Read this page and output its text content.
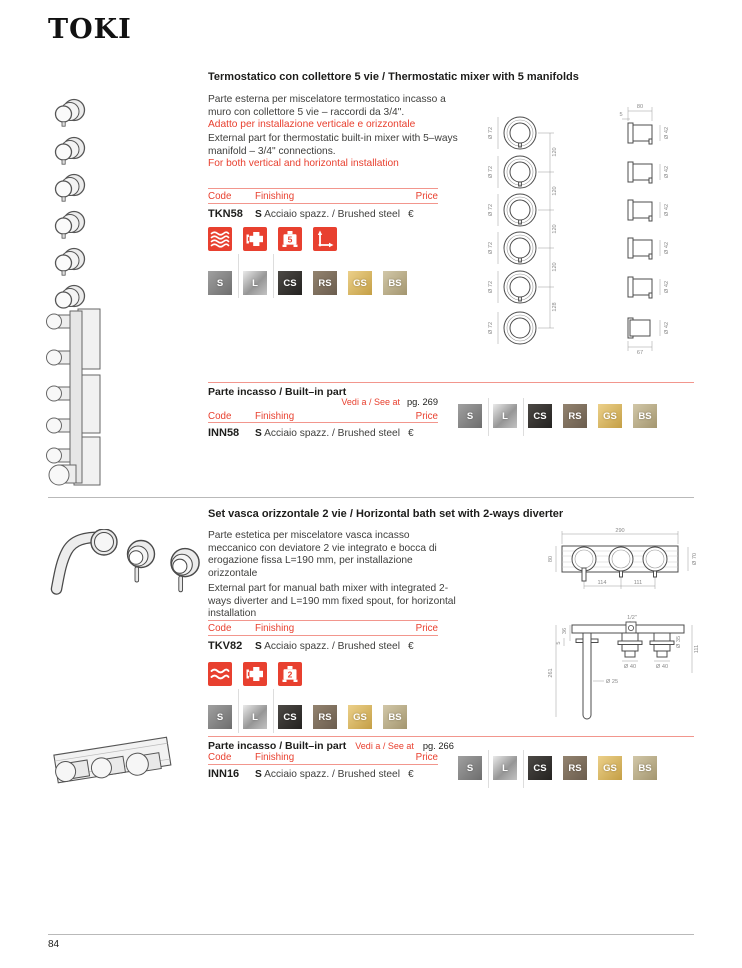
TOKI
Termostatico con collettore 5 vie / Thermostatic mixer with 5 manifolds
Parte esterna per miscelatore termostatico incasso a muro con collettore 5 vie – raccordi da 3/4".
Adatto per installazione verticale e orizzontale
External part for thermostatic built-in mixer with 5–ways manifold – 3/4" connections.
For both vertical and horizontal installation
Code	Finishing	Price
TKN58	S Acciaio spazz. / Brushed steel €
5
S	L	CS	RS	GS	BS
Parte incasso / Built–in part
Vedi a / See at pg. 269
Code	Finishing	Price
INN58	S Acciaio spazz. / Brushed steel €
S	L	CS	RS	GS	BS
Ø 72
Ø 72
Ø 72
Ø 72
Ø 72
Ø 72
120
120
120
120
128
80
5
Ø 42
Ø 42
Ø 42
Ø 42
Ø 42
Ø 42
67
Set vasca orizzontale 2 vie / Horizontal bath set with 2-ways diverter
Parte estetica per miscelatore vasca incasso meccanico con deviatore 2 vie integrato e bocca di erogazione fissa L=190 mm, per installazione orizzontale
External part for manual bath mixer with integrated 2-ways diverter and L=190 mm fixed spout, for horizontal installation
Code	Finishing	Price
TKV82	S Acciaio spazz. / Brushed steel €
2
S	L	CS	RS	GS	BS
Parte incasso / Built–in part Vedi a / See at pg. 266
Code	Finishing	Price
INN16	S Acciaio spazz. / Brushed steel €
S	L	CS	RS	GS	BS
290
80	Ø 70
114	111
1/2"
36
5
261
Ø 25
Ø 40	Ø 40
Ø 35
111
84
